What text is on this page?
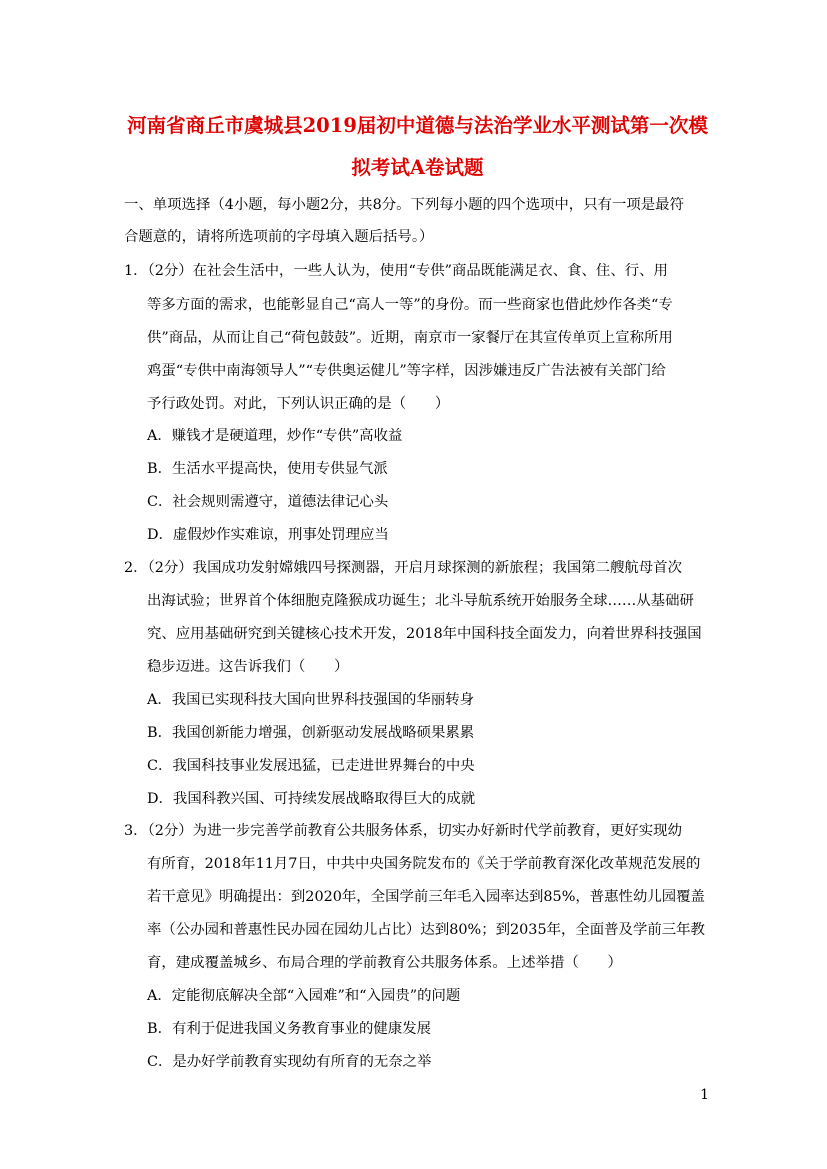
河南省商丘市虞城县2019届初中道德与法治学业水平测试第一次模
拟考试A卷试题
一、单项选择（4小题，每小题2分，共8分。下列每小题的四个选项中，只有一项是最符
合题意的，请将所选项前的字母填入题后括号。）
1．（2分）在社会生活中，一些人认为，使用“专供”商品既能满足衣、食、住、行、用
等多方面的需求，也能彰显自己“高人一等”的身份。而一些商家也借此炒作各类“专
供”商品，从而让自己“荷包鼓鼓”。近期，南京市一家餐厅在其宣传单页上宣称所用
鸡蛋“专供中南海领导人”“专供奥运健儿”等字样，因涉嫌违反广告法被有关部门给
予行政处罚。对此，下列认识正确的是（　　）
A．赚钱才是硬道理，炒作“专供”高收益
B．生活水平提高快，使用专供显气派
C．社会规则需遵守，道德法律记心头
D．虚假炒作实难谅，刑事处罚理应当
2．（2分）我国成功发射嫦娥四号探测器，开启月球探测的新旅程；我国第二艘航母首次
出海试验；世界首个体细胞克隆猴成功诞生；北斗导航系统开始服务全球……从基础研
究、应用基础研究到关键核心技术开发，2018年中国科技全面发力，向着世界科技强国
稳步迈进。这告诉我们（　　）
A．我国已实现科技大国向世界科技强国的华丽转身
B．我国创新能力增强，创新驱动发展战略硕果累累
C．我国科技事业发展迅猛，已走进世界舞台的中央
D．我国科教兴国、可持续发展战略取得巨大的成就
3．（2分）为进一步完善学前教育公共服务体系，切实办好新时代学前教育，更好实现幼
有所育，2018年11月7日，中共中央国务院发布的《关于学前教育深化改革规范发展的
若干意见》明确提出：到2020年，全国学前三年毛入园率达到85%，普惠性幼儿园覆盖
率（公办园和普惠性民办园在园幼儿占比）达到80%；到2035年，全面普及学前三年教
育，建成覆盖城乡、布局合理的学前教育公共服务体系。上述举措（　　）
A．定能彻底解决全部“入园难”和“入园贵”的问题
B．有利于促进我国义务教育事业的健康发展
C．是办好学前教育实现幼有所育的无奈之举
1
